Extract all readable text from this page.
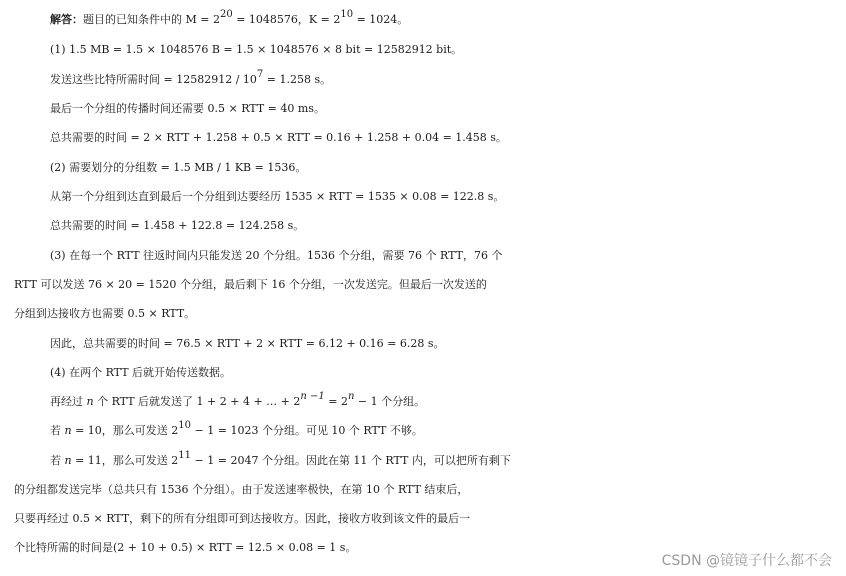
解答：题目的已知条件中的 $M = 2^{20} = 1048576$，$K = 2^{10} = 1024$。
(1) 1.5 MB = 1.5 × 1048576 B = 1.5 × 1048576 × 8 bit = 12582912 bit。
发送这些比特所需时间 = $12582912 / 10^7 = 1.258$ s。
最后一个分组的传播时间还需要 0.5 × RTT = 40 ms。
总共需要的时间 = 2 × RTT + 1.258 + 0.5 × RTT = 0.16 + 1.258 + 0.04 = 1.458 s。
(2) 需要划分的分组数 = 1.5 MB / 1 KB = 1536。
从第一个分组到达直到最后一个分组到达要经历 1535 × RTT = 1535 × 0.08 = 122.8 s。
总共需要的时间 = 1.458 + 122.8 = 124.258 s。
(3) 在每一个 RTT 往返时间内只能发送 20 个分组。1536 个分组，需要 76 个 RTT，76 个
RTT 可以发送 76 × 20 = 1520 个分组，最后剩下 16 个分组，一次发送完。但最后一次发送的
分组到达接收方也需要 0.5 × RTT。
因此，总共需要的时间 = 76.5 × RTT + 2 × RTT = 6.12 + 0.16 = 6.28 s。
(4) 在两个 RTT 后就开始传送数据。
再经过 n 个 RTT 后就发送了 1 + 2 + 4 + … + $2^{n -1} = 2^n - 1$ 个分组。
若 n = 10，那么可发送 $2^{10} - 1 = 1023$ 个分组。可见 10 个 RTT 不够。
若 n = 11，那么可发送 $2^{11} - 1 = 2047$ 个分组。因此在第 11 个 RTT 内，可以把所有剩下
的分组都发送完毕（总共只有 1536 个分组）。由于发送速率极快，在第 10 个 RTT 结束后，
只要再经过 0.5 × RTT，剩下的所有分组即可到达接收方。因此，接收方收到该文件的最后一
个比特所需的时间是(2 + 10 + 0.5) × RTT = 12.5 × 0.08 = 1 s。
CSDN @镜镜子什么都不会
